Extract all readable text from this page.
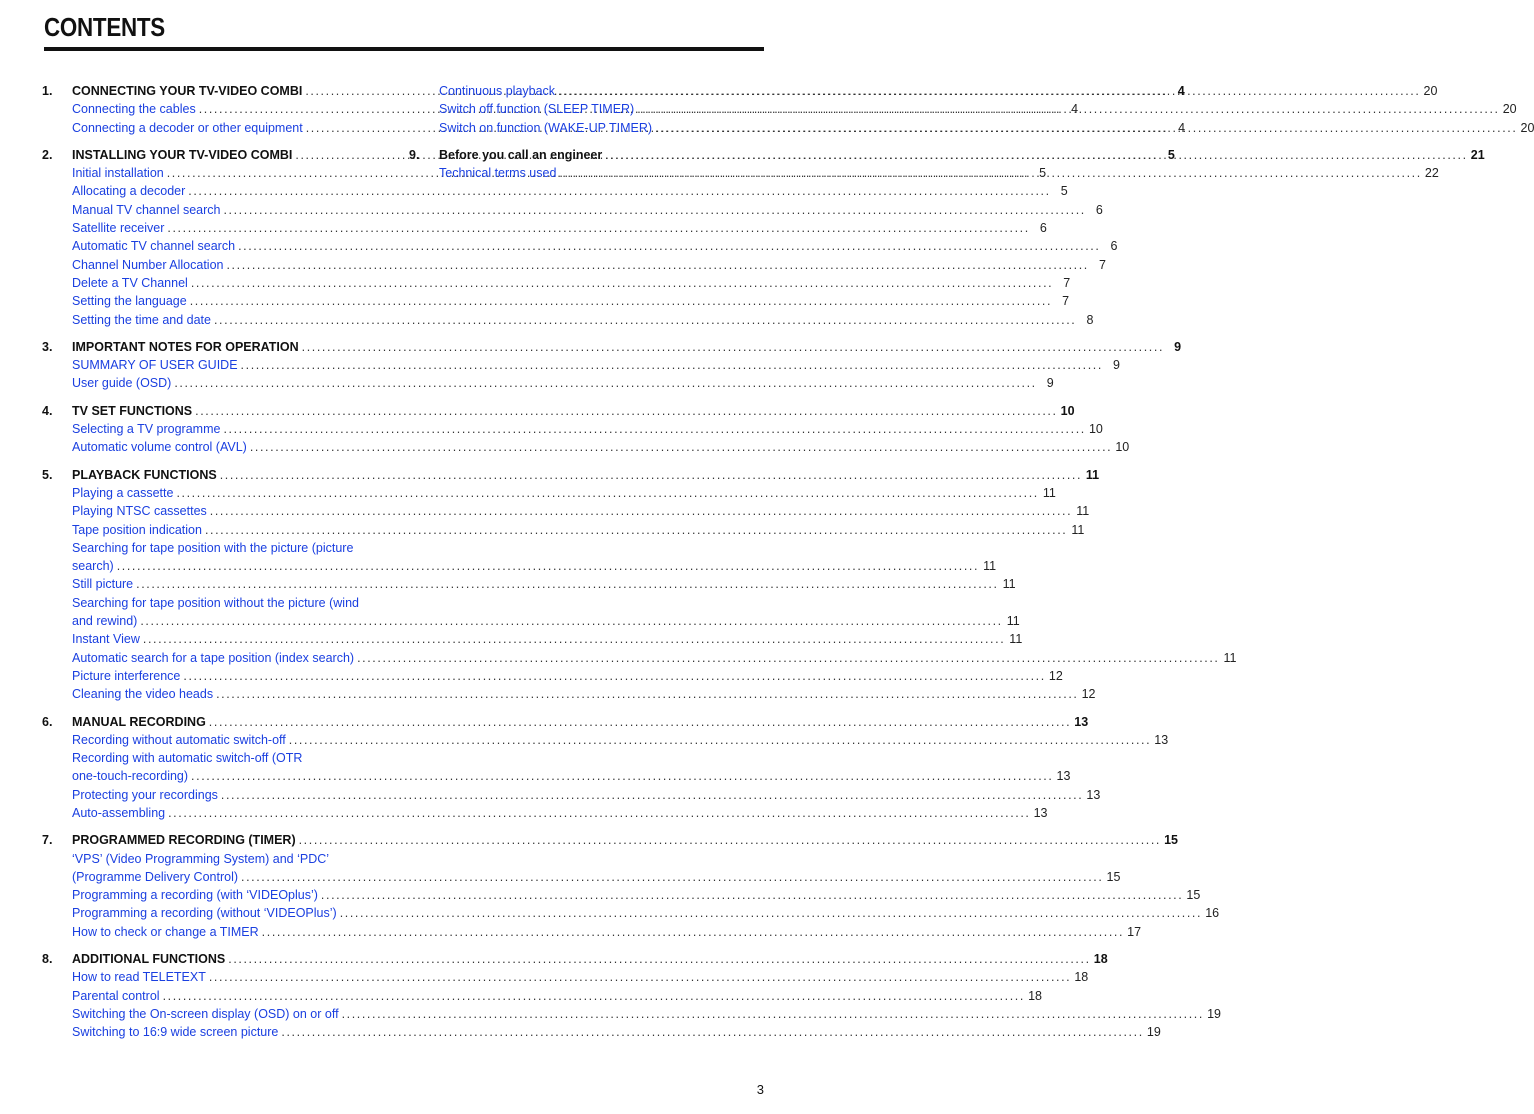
CONTENTS
1.	CONNECTING YOUR TV-VIDEO COMBI .....	4
Connecting the cables .....	4
Connecting a decoder or other equipment .....	4
2.	INSTALLING YOUR TV-VIDEO COMBI .....	5
Initial installation .....	5
Allocating a decoder .....	5
Manual TV channel search .....	6
Satellite receiver .....	6
Automatic TV channel search .....	6
Channel Number Allocation .....	7
Delete a TV Channel .....	7
Setting the language .....	7
Setting the time and date .....	8
3.	IMPORTANT NOTES FOR OPERATION .....	9
SUMMARY OF USER GUIDE .....	9
User guide (OSD) .....	9
4.	TV SET FUNCTIONS .....	10
Selecting a TV programme .....	10
Automatic volume control (AVL) .....	10
5.	PLAYBACK FUNCTIONS .....	11
Playing a cassette .....	11
Playing NTSC cassettes .....	11
Tape position indication .....	11
Searching for tape position with the picture (picture
search) .....	11
Still picture .....	11
Searching for tape position without the picture (wind
and rewind) .....	11
Instant View .....	11
Automatic search for a tape position (index search) .....	11
Picture interference .....	12
Cleaning the video heads .....	12
6.	MANUAL RECORDING .....	13
Recording without automatic switch-off .....	13
Recording with automatic switch-off (OTR
one-touch-recording) .....	13
Protecting your recordings .....	13
Auto-assembling .....	13
7.	PROGRAMMED RECORDING (TIMER) .....	15
‘VPS’ (Video Programming System) and ‘PDC’
(Programme Delivery Control) .....	15
Programming a recording (with ‘VIDEOplus’) .....	15
Programming a recording (without ‘VIDEOPlus’) .....	16
How to check or change a TIMER .....	17
8.	ADDITIONAL FUNCTIONS .....	18
How to read TELETEXT .....	18
Parental control .....	18
Switching the On-screen display (OSD) on or off .....	19
Switching to 16:9 wide screen picture .....	19
Continuous playback .....	20
Switch off function (SLEEP TIMER) .....	20
Switch on function (WAKE-UP TIMER) .....	20
9.	Before you call an engineer .....	21
Technical terms used .....	22
3
